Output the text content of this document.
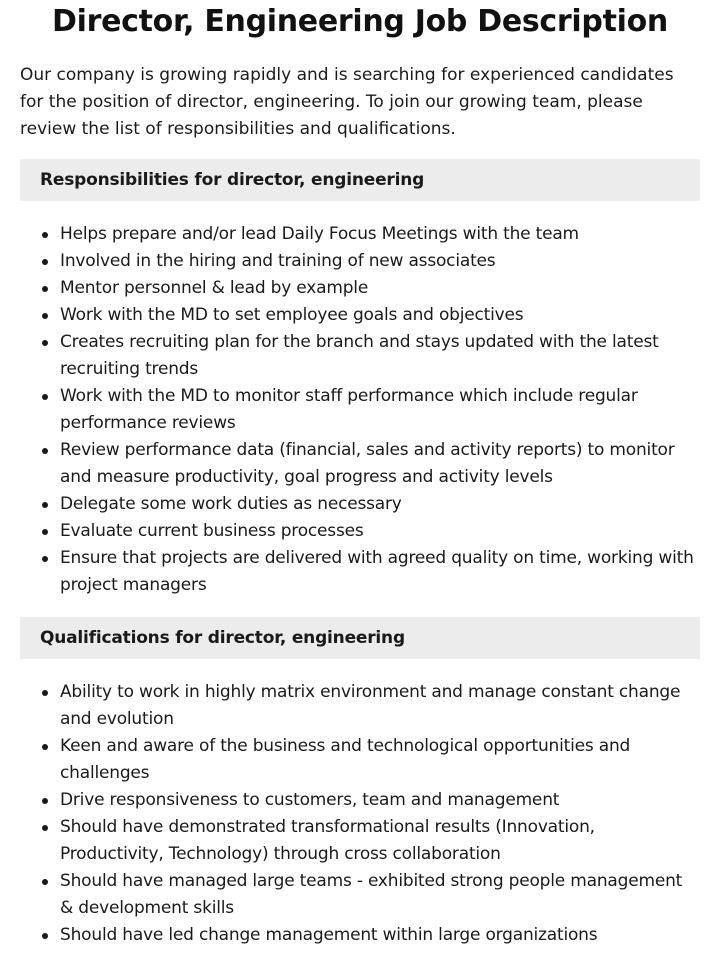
Director, Engineering Job Description

Our company is growing rapidly and is searching for experienced candidates for the position of director, engineering. To join our growing team, please review the list of responsibilities and qualifications.

Responsibilities for director, engineering
Helps prepare and/or lead Daily Focus Meetings with the team
Involved in the hiring and training of new associates
Mentor personnel & lead by example
Work with the MD to set employee goals and objectives
Creates recruiting plan for the branch and stays updated with the latest recruiting trends
Work with the MD to monitor staff performance which include regular performance reviews
Review performance data (financial, sales and activity reports) to monitor and measure productivity, goal progress and activity levels
Delegate some work duties as necessary
Evaluate current business processes
Ensure that projects are delivered with agreed quality on time, working with project managers
Qualifications for director, engineering
Ability to work in highly matrix environment and manage constant change and evolution
Keen and aware of the business and technological opportunities and challenges
Drive responsiveness to customers, team and management
Should have demonstrated transformational results (Innovation, Productivity, Technology) through cross collaboration
Should have managed large teams - exhibited strong people management & development skills
Should have led change management within large organizations
